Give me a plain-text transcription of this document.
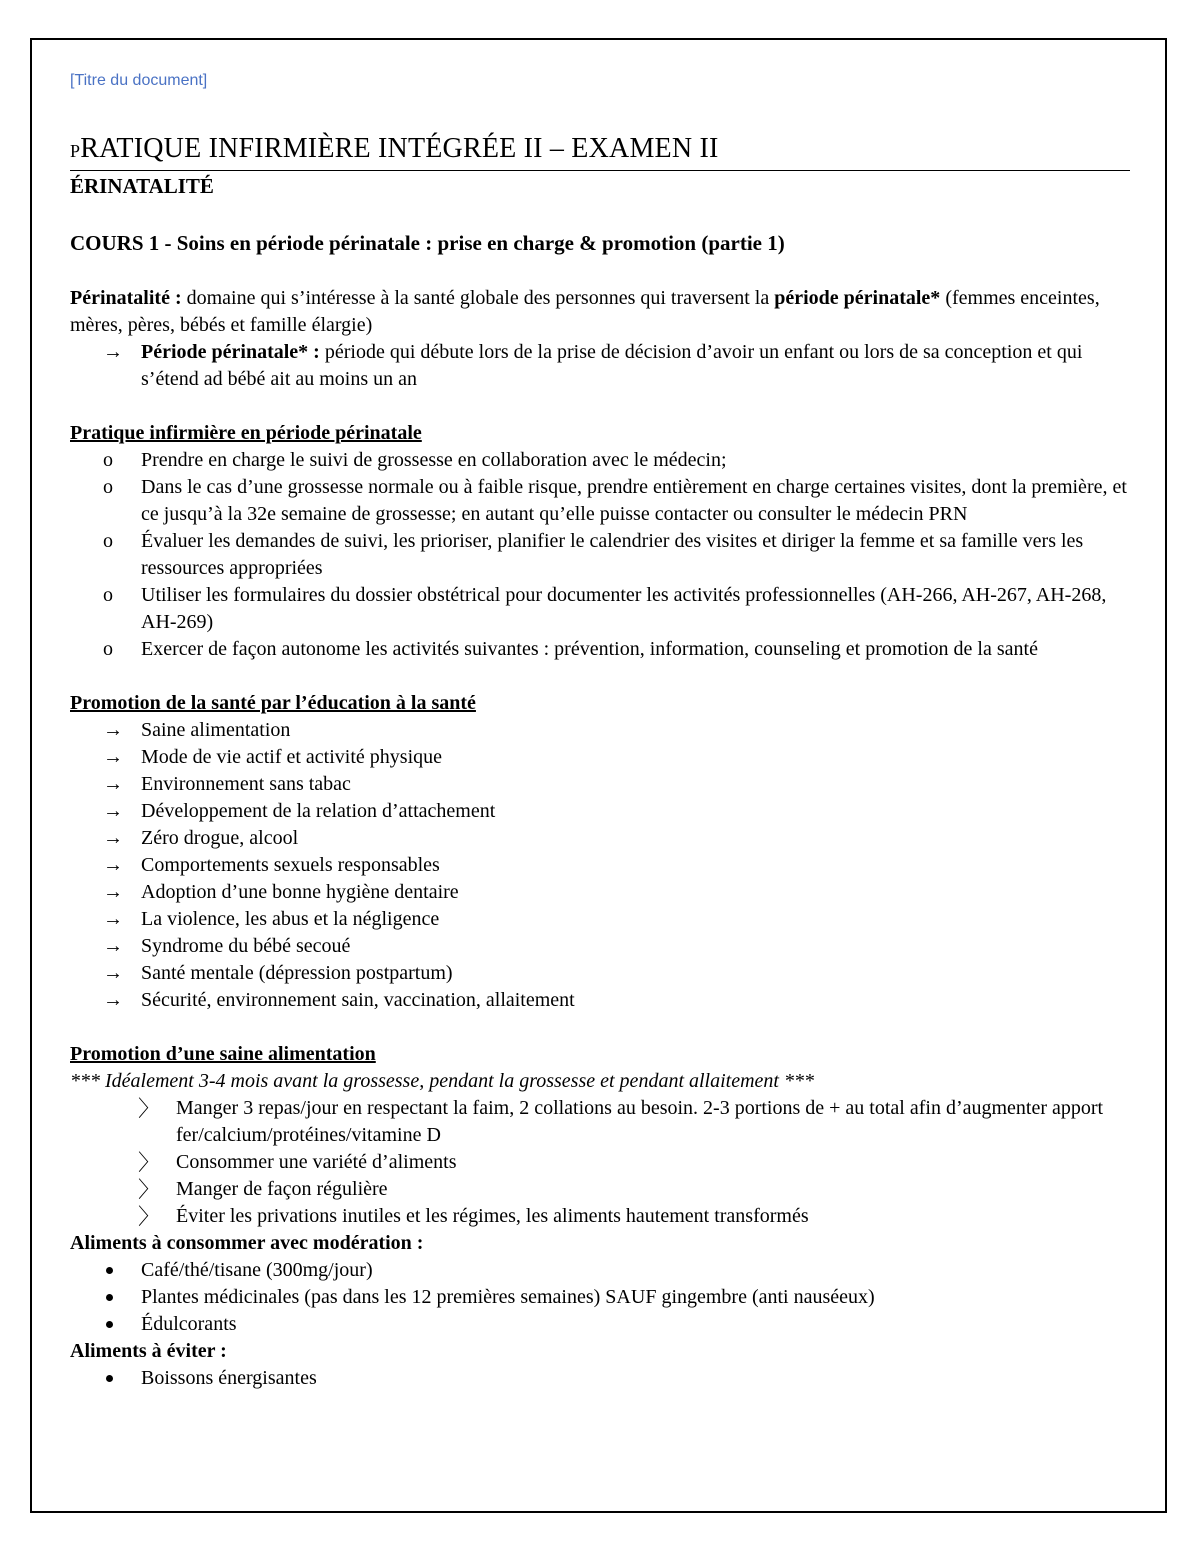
[Titre du document]
PRATIQUE INFIRMIÈRE INTÉGRÉE II – EXAMEN II
ÉRINATALITÉ
COURS 1 - Soins en période périnatale : prise en charge & promotion (partie 1)

Périnatalité : domaine qui s’intéresse à la santé globale des personnes qui traversent la période périnatale* (femmes enceintes, mères, pères, bébés et famille élargie)

→ Période périnatale* : période qui débute lors de la prise de décision d’avoir un enfant ou lors de sa conception et qui s’étend ad bébé ait au moins un an
Pratique infirmière en période périnatale
o Prendre en charge le suivi de grossesse en collaboration avec le médecin;
o Dans le cas d’une grossesse normale ou à faible risque, prendre entièrement en charge certaines visites, dont la première, et ce jusqu’à la 32e semaine de grossesse; en autant qu’elle puisse contacter ou consulter le médecin PRN
o Évaluer les demandes de suivi, les prioriser, planifier le calendrier des visites et diriger la femme et sa famille vers les ressources appropriées
o Utiliser les formulaires du dossier obstétrical pour documenter les activités professionnelles (AH-266, AH-267, AH-268, AH-269)
o Exercer de façon autonome les activités suivantes : prévention, information, counseling et promotion de la santé
Promotion de la santé par l’éducation à la santé
→ Saine alimentation
→ Mode de vie actif et activité physique
→ Environnement sans tabac
→ Développement de la relation d’attachement
→ Zéro drogue, alcool
→ Comportements sexuels responsables
→ Adoption d’une bonne hygiène dentaire
→ La violence, les abus et la négligence
→ Syndrome du bébé secoué
→ Santé mentale (dépression postpartum)
→ Sécurité, environnement sain, vaccination, allaitement
Promotion d’une saine alimentation

*** Idéalement 3-4 mois avant la grossesse, pendant la grossesse et pendant allaitement ***

〉 Manger 3 repas/jour en respectant la faim, 2 collations au besoin. 2-3 portions de + au total afin d’augmenter apport fer/calcium/protéines/vitamine D
〉 Consommer une variété d’aliments
〉 Manger de façon régulière
〉 Éviter les privations inutiles et les régimes, les aliments hautement transformés

Aliments à consommer avec modération :

Café/thé/tisane (300mg/jour)
Plantes médicinales (pas dans les 12 premières semaines) SAUF gingembre (anti nauséeux)
Édulcorants

Aliments à éviter :

Boissons énergisantes
